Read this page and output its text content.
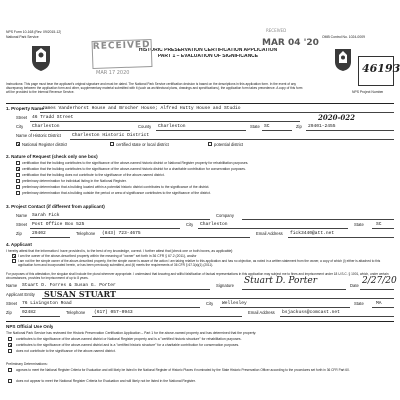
NPS Form 10-168 (Rev. 09/2015-12)
National Park Service	OMB Control No. 1024-0009
HISTORIC PRESERVATION CERTIFICATION APPLICATION
PART 1 – EVALUATION OF SIGNIFICANCE
RECEIVED
MAR 17 2020
RECEIVED
MAR 04 '20
NPS Project Number
46193
Instructions: This page must bear the applicant's original signature and must be dated. The National Park Service certification decision is based on the descriptions in this application form. In the event of any discrepancy between the application form and other, supplementary material submitted with it (such as architectural plans, drawings and specifications), the application form takes precedence. A copy of this form will be provided to the Internal Revenue Service.
1. Property Name
James Vanderhorst House and Brocher House; Alfred Hutty House and Studio
Street 46 Tradd Street	2020-022
City Charleston	County Charleston	State SC	Zip 29401-2455
Name of Historic District Charleston Historic District
✕ National Register district	certified state or local district	potential district
2. Nature of Request (check only one box)
certification that the building contributes to the significance of the above-named historic district or National Register property for rehabilitation purposes.
✕ certification that the building contributes to the significance of the above-named historic district for a charitable contribution for conservation purposes.
certification that the building does not contribute to the significance of the above-named district.
preliminary determination for individual listing in the National Register.
preliminary determination that a building located within a potential historic district contributes to the significance of the district.
preliminary determination that a building outside the period or area of significance contributes to the significance of the district.
3. Project Contact (if different from applicant)
Name Sarah Fick	Company
Street Post Office Box 525	City Charleston	State	SC
Zip 29402	Telephone (843) 723-4675	Email Address fick3440@att.net
4. Applicant
I hereby attest that the information I have provided is, to the best of my knowledge, correct. I further attest that [check one or both boxes, as applicable]:
✕ I am the owner of the above-described property within the meaning of "owner" set forth in 36 CFR § 67.2 (2011), and/or
I am not the fee simple owner of the above-described property, the fee simple owner is aware of the action I am taking relative to this application and has no objection, as noted in a written statement from the owner, a copy of which (i) either is attached to this application form and incorporated herein, or has been previously submitted, and (ii) meets the requirements of 36 CFR § 67.3(a)(1) (2011).
For purposes of this attestation, the singular shall include the plural wherever appropriate. I understand that knowing and willful falsification of factual representations in this application may subject me to fines and imprisonment under 18 U.S.C. § 1001, which, under certain circumstances, provides for imprisonment of up to 8 years.
Name Stuart D. Forres & Susan G. Porter	Signature Stuart D. Porter	Date 2/27/20
Applicant Entity SUSAN STUART
Street 76 Livingston Road	City Wellesley	State	MA
Zip 02482	Telephone (617) 057-0943	Email Address bsjackuss@comcast.net
NPS Official Use Only
The National Park Service has reviewed the Historic Preservation Certification Application – Part 1 for the above-named property and has determined that the property:
contributes to the significance of the above-named district or National Register property and is a "certified historic structure" for rehabilitation purposes.
✕ contributes to the significance of the above-named district and is a "certified historic structure" for a charitable contribution for conservation purposes.
does not contribute to the significance of the above-named district.
Preliminary Determinations:
appears to meet the National Register Criteria for Evaluation and will likely be listed in the National Register of Historic Places if nominated by the State Historic Preservation Officer according to the procedures set forth in 36 CFR Part 60.
does not appear to meet the National Register Criteria for Evaluation and will likely not be listed in the National Register.
